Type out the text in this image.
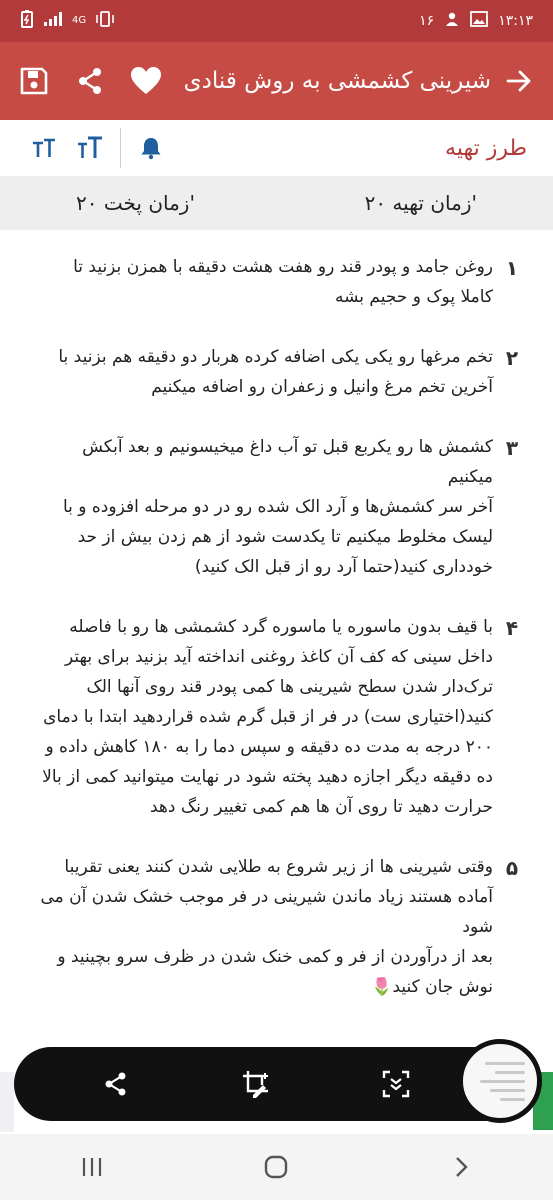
4G	۱۶	۱۳:۱۳
شیرینی کشمشی به روش قنادی
طرز تهیه
زمان پخت ۲۰'	زمان تهیه ۲۰'
۱
روغن جامد و پودر قند رو هفت هشت دقیقه با همزن بزنید تا کاملا پوک و حجیم بشه
۲
تخم مرغها رو یکی یکی اضافه کرده هربار دو دقیقه هم بزنید با آخرین تخم مرغ وانیل و زعفران رو اضافه میکنیم
۳
کشمش ها رو یکربع قبل تو آب داغ میخیسونیم و بعد آبکش میکنیم
آخر سر کشمش‌ها و آرد الک شده رو در دو مرحله افزوده و با لیسک مخلوط میکنیم تا یکدست شود از هم زدن بیش از حد خودداری کنید(حتما آرد رو از قبل الک کنید)
۴
با قیف بدون ماسوره یا ماسوره گرد کشمشی ها رو با فاصله داخل سینی که کف آن کاغذ روغنی انداخته آید بزنید برای بهتر ترک‌دار شدن سطح شیرینی ها کمی پودر قند روی آنها الک کنید(اختیاری ست) در فر از قبل گرم شده قراردهید ابتدا با دمای ۲۰۰ درجه به مدت ده دقیقه و سپس دما را به ۱۸۰ کاهش داده و ده دقیقه دیگر اجازه دهید پخته شود در نهایت میتوانید کمی از بالا حرارت دهید تا روی آن ها هم کمی تغییر رنگ دهد
۵
وقتی شیرینی ها از زیر شروع به طلایی شدن کنند یعنی تقریبا آماده هستند زیاد ماندن شیرینی در فر موجب خشک شدن آن می شود
بعد از درآوردن از فر و کمی خنک شدن در ظرف سرو بچینید و نوش جان کنید🌷
